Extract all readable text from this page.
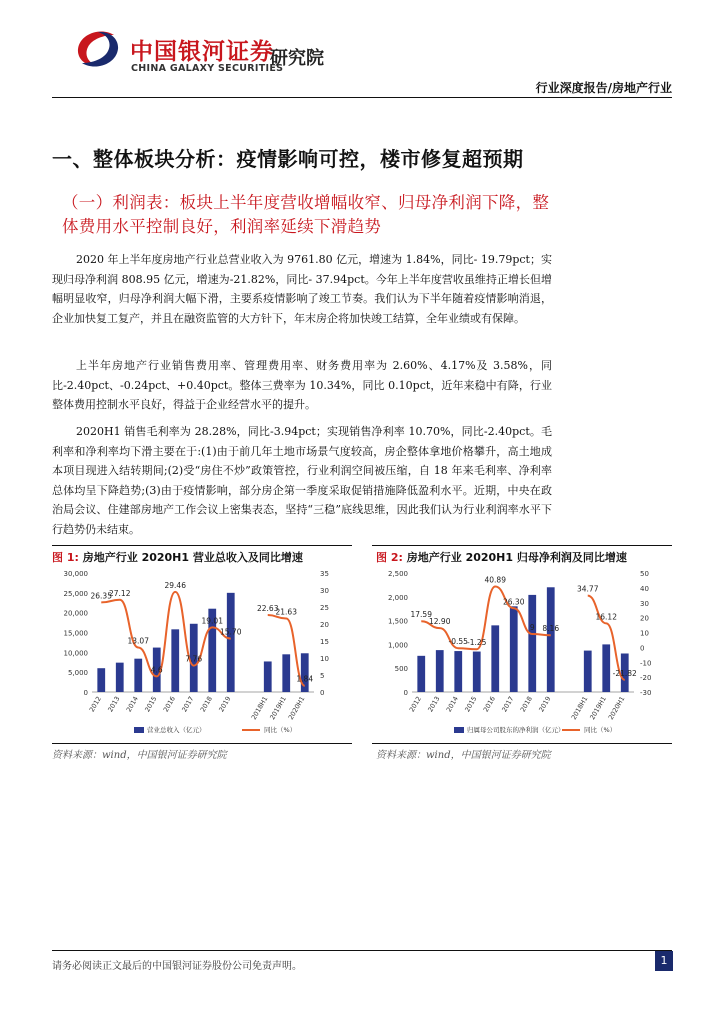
中国银河证券
CHINA GALAXY SECURITIES
研究院
行业深度报告/房地产行业
一、整体板块分析：疫情影响可控，楼市修复超预期
（一）利润表：板块上半年度营收增幅收窄、归母净利润下降，整体费用水平控制良好，利润率延续下滑趋势
2020 年上半年度房地产行业总营业收入为 9761.80 亿元，增速为 1.84%，同比- 19.79pct；实现归母净利润 808.95 亿元，增速为-21.82%，同比- 37.94pct。今年上半年度营收虽维持正增长但增幅明显收窄，归母净利润大幅下滑，主要系疫情影响了竣工节奏。我们认为下半年随着疫情影响消退，企业加快复工复产，并且在融资监管的大方针下，年末房企将加快竣工结算，全年业绩或有保障。
上半年房地产行业销售费用率、管理费用率、财务费用率为 2.60%、4.17%及 3.58%，同比-2.40pct、-0.24pct、+0.40pct。整体三费率为 10.34%，同比 0.10pct，近年来稳中有降，行业整体费用控制水平良好，得益于企业经营水平的提升。
2020H1 销售毛利率为 28.28%，同比-3.94pct；实现销售净利率 10.70%，同比-2.40pct。毛利率和净利率均下滑主要在于:(1)由于前几年土地市场景气度较高，房企整体拿地价格攀升，高土地成本项目现进入结转期间;(2)受“房住不炒”政策管控，行业利润空间被压缩，自 18 年来毛利率、净利率总体均呈下降趋势;(3)由于疫情影响，部分房企第一季度采取促销措施降低盈利水平。近期，中央在政治局会议、住建部房地产工作会议上密集表态，坚持“三稳”底线思维，因此我们认为行业利润率水平下行趋势仍未结束。
图 1: 房地产行业 2020H1 营业总收入及同比增速
0
5,000
10,000
15,000
20,000
25,000
30,000
0
5
10
15
20
25
30
35
26.35
27.12
13.07
4.6
29.46
7.76
19.01
15.70
22.63
21.63
1.84
2012 2013 2014 2015 2016 2017 2018 2019	2018H1
2019H1
2020H1
营业总收入（亿元）	同比（%）
资料来源：wind，中国银河证券研究院
图 2: 房地产行业 2020H1 归母净利润及同比增速
0
500
1,000
1,500
2,000
2,500
-30
-20
-10
0
10
20
30
40
50
17.59
12.90
-0.55 -1.25
40.89
26.30
9 8.16
34.77
16.12
-21.82
2012 2013 2014 2015 2016 2017 2018 2019	2018H1
2019H1
2020H1
归属母公司股东的净利润（亿元）	同比（%）
资料来源：wind，中国银河证券研究院
请务必阅读正文最后的中国银河证券股份公司免责声明。	1
